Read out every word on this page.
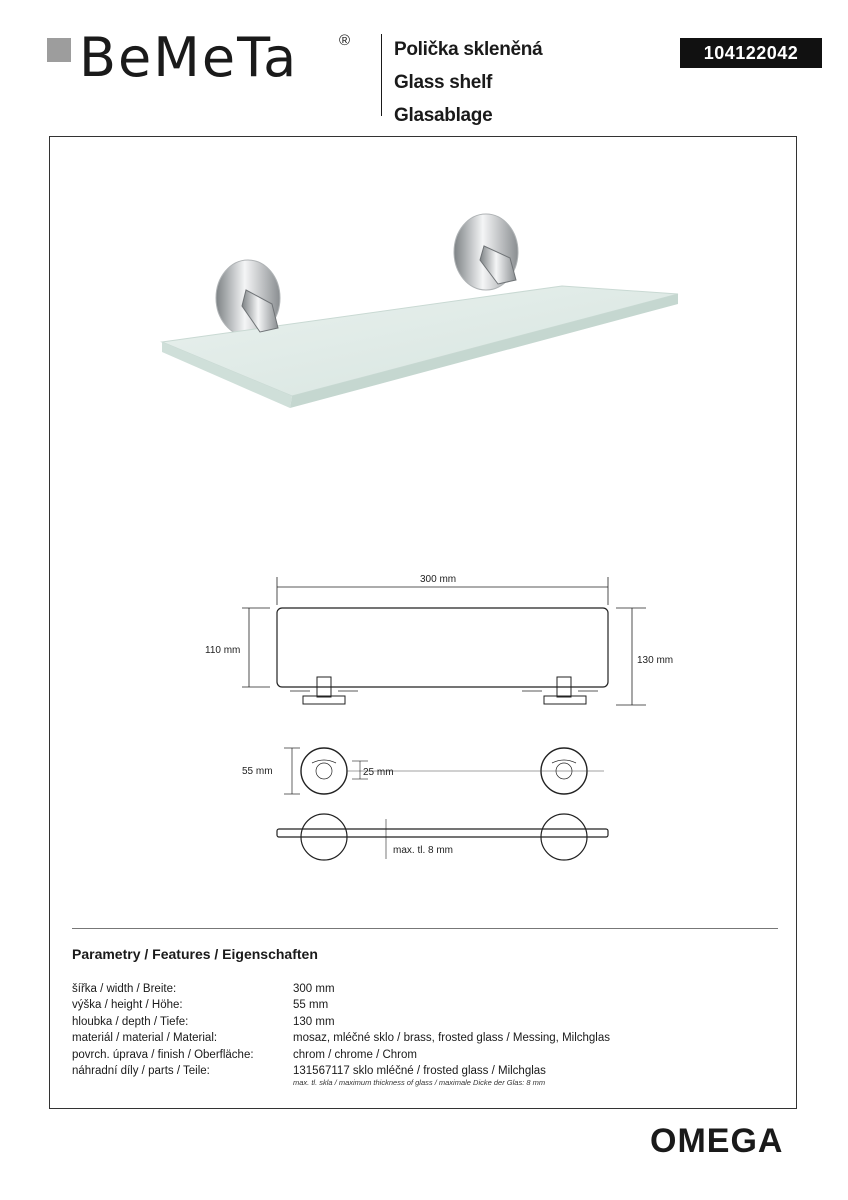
BeMeTa	® Polička skleněná
Glass shelf
Glasablage
104122042
300 mm
110 mm
130 mm
55 mm	25 mm
max. tl. 8 mm
Parametry / Features / Eigenschaften
šířka / width / Breite:	300 mm
výška / height / Höhe:	55 mm
hloubka / depth / Tiefe:	130 mm
materiál / material / Material:	mosaz, mléčné sklo / brass, frosted glass / Messing, Milchglas
povrch. úprava / finish / Oberfläche:	chrom / chrome / Chrom
náhradní díly / parts / Teile:	131567117 sklo mléčné / frosted glass / Milchglas
max. tl. skla / maximum thickness of glass / maximale Dicke der Glas: 8 mm
OMEGA
